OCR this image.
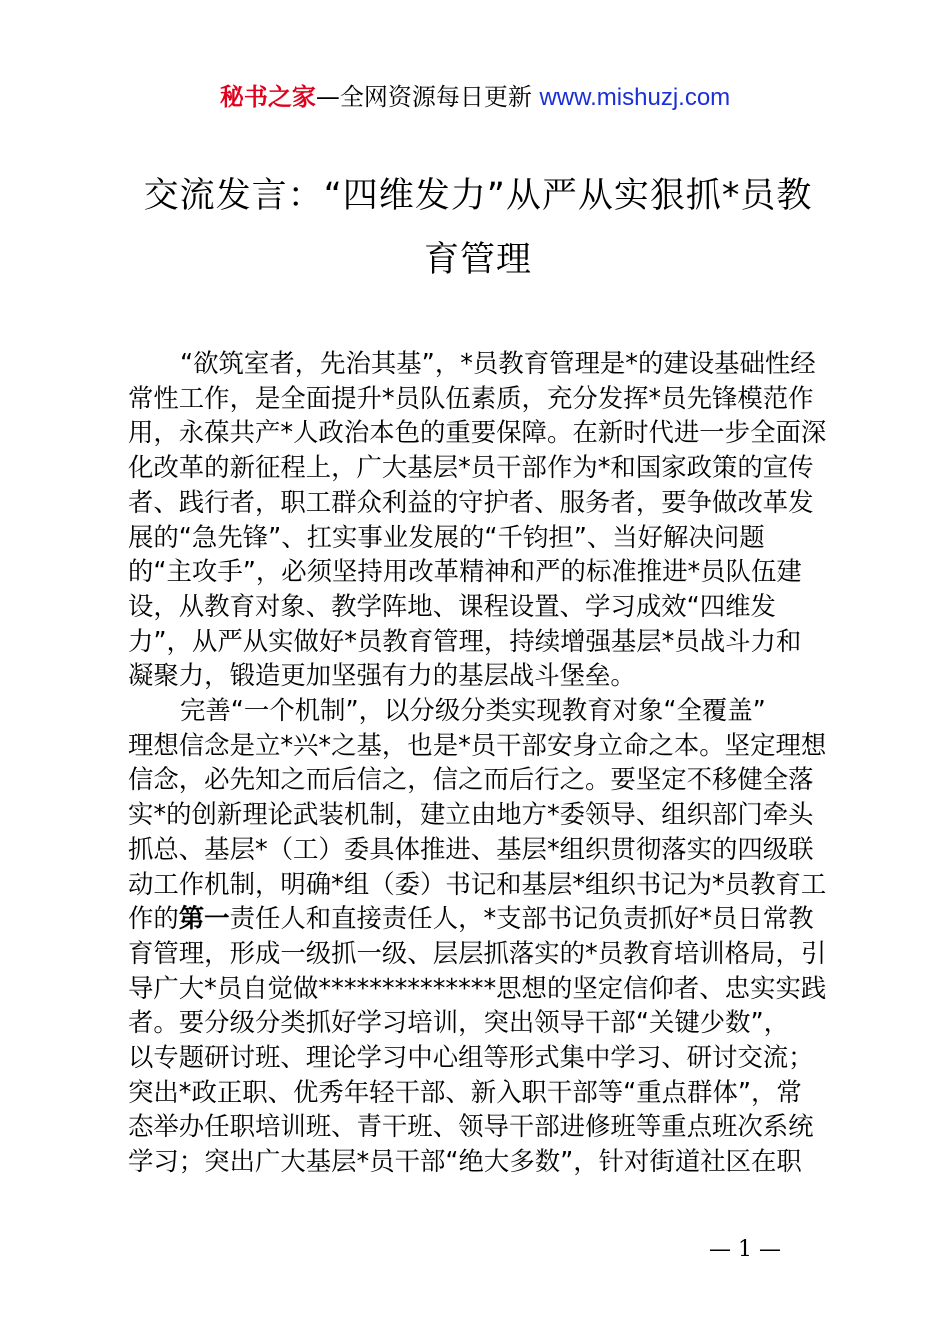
秘书之家—全网资源每日更新 www.mishuzj.com
交流发言：“四维发力”从严从实狠抓*员教
育管理
“欲筑室者，先治其基”，*员教育管理是*的建设基础性经
常性工作，是全面提升*员队伍素质，充分发挥*员先锋模范作
用，永葆共产*人政治本色的重要保障。在新时代进一步全面深
化改革的新征程上，广大基层*员干部作为*和国家政策的宣传
者、践行者，职工群众利益的守护者、服务者，要争做改革发
展的“急先锋”、扛实事业发展的“千钧担”、当好解决问题
的“主攻手”，必须坚持用改革精神和严的标准推进*员队伍建
设，从教育对象、教学阵地、课程设置、学习成效“四维发
力”，从严从实做好*员教育管理，持续增强基层*员战斗力和
凝聚力，锻造更加坚强有力的基层战斗堡垒。
完善“一个机制”，以分级分类实现教育对象“全覆盖”
理想信念是立*兴*之基，也是*员干部安身立命之本。坚定理想
信念，必先知之而后信之，信之而后行之。要坚定不移健全落
实*的创新理论武装机制，建立由地方*委领导、组织部门牵头
抓总、基层*（工）委具体推进、基层*组织贯彻落实的四级联
动工作机制，明确*组（委）书记和基层*组织书记为*员教育工
作的第一责任人和直接责任人，*支部书记负责抓好*员日常教
育管理，形成一级抓一级、层层抓落实的*员教育培训格局，引
导广大*员自觉做**************思想的坚定信仰者、忠实实践
者。要分级分类抓好学习培训，突出领导干部“关键少数”，
以专题研讨班、理论学习中心组等形式集中学习、研讨交流；
突出*政正职、优秀年轻干部、新入职干部等“重点群体”，常
态举办任职培训班、青干班、领导干部进修班等重点班次系统
学习；突出广大基层*员干部“绝大多数”，针对街道社区在职
— 1 —
